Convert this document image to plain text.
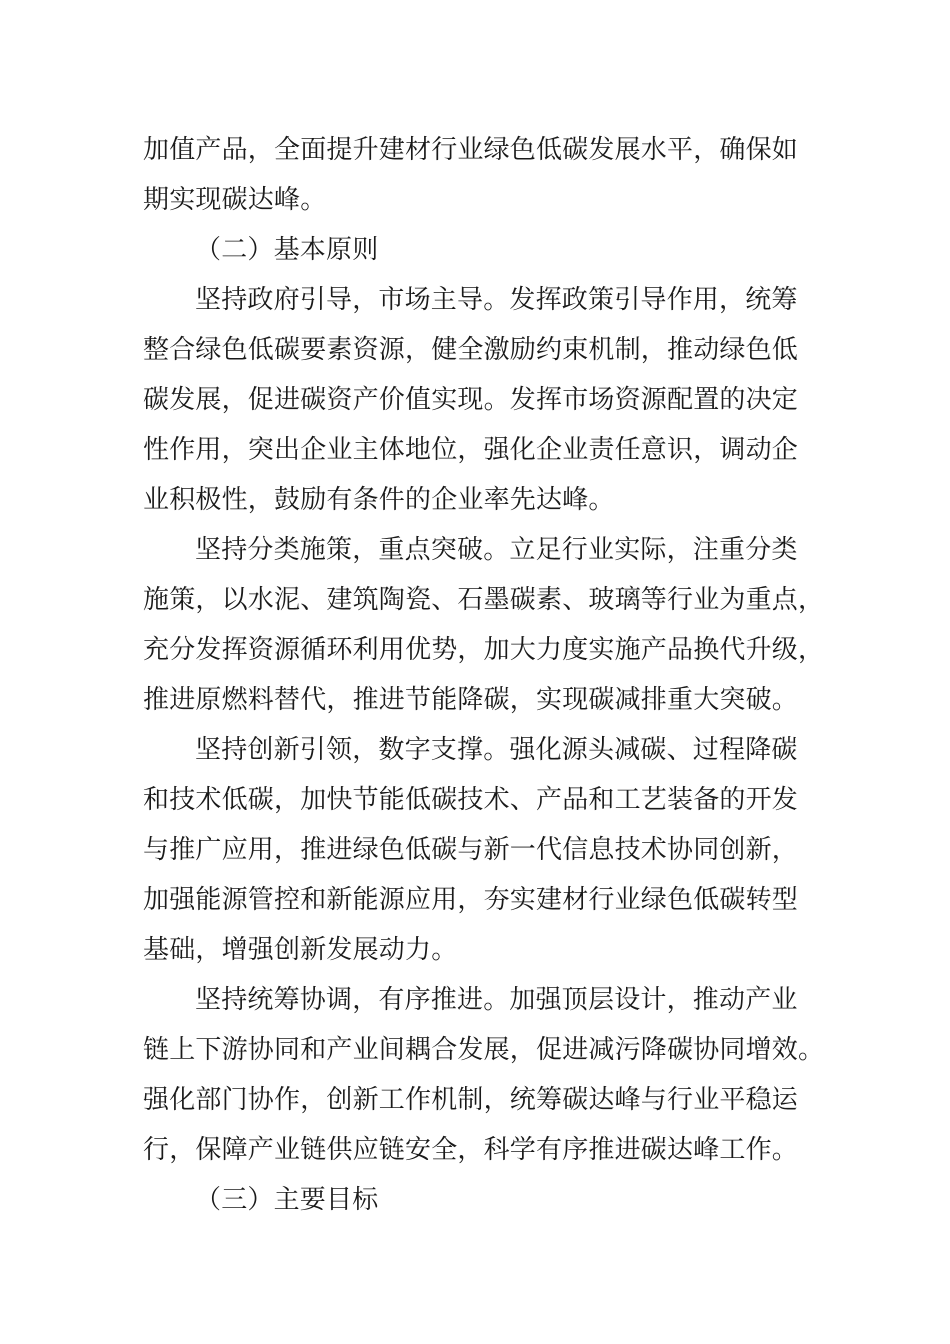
加值产品，全面提升建材行业绿色低碳发展水平，确保如
期实现碳达峰。
（二）基本原则
坚持政府引导，市场主导。发挥政策引导作用，统筹
整合绿色低碳要素资源，健全激励约束机制，推动绿色低
碳发展，促进碳资产价值实现。发挥市场资源配置的决定
性作用，突出企业主体地位，强化企业责任意识，调动企
业积极性，鼓励有条件的企业率先达峰。
坚持分类施策，重点突破。立足行业实际，注重分类
施策，以水泥、建筑陶瓷、石墨碳素、玻璃等行业为重点，
充分发挥资源循环利用优势，加大力度实施产品换代升级，
推进原燃料替代，推进节能降碳，实现碳减排重大突破。
坚持创新引领，数字支撑。强化源头减碳、过程降碳
和技术低碳，加快节能低碳技术、产品和工艺装备的开发
与推广应用，推进绿色低碳与新一代信息技术协同创新，
加强能源管控和新能源应用，夯实建材行业绿色低碳转型
基础，增强创新发展动力。
坚持统筹协调，有序推进。加强顶层设计，推动产业
链上下游协同和产业间耦合发展，促进减污降碳协同增效。
强化部门协作，创新工作机制，统筹碳达峰与行业平稳运
行，保障产业链供应链安全，科学有序推进碳达峰工作。
（三）主要目标
